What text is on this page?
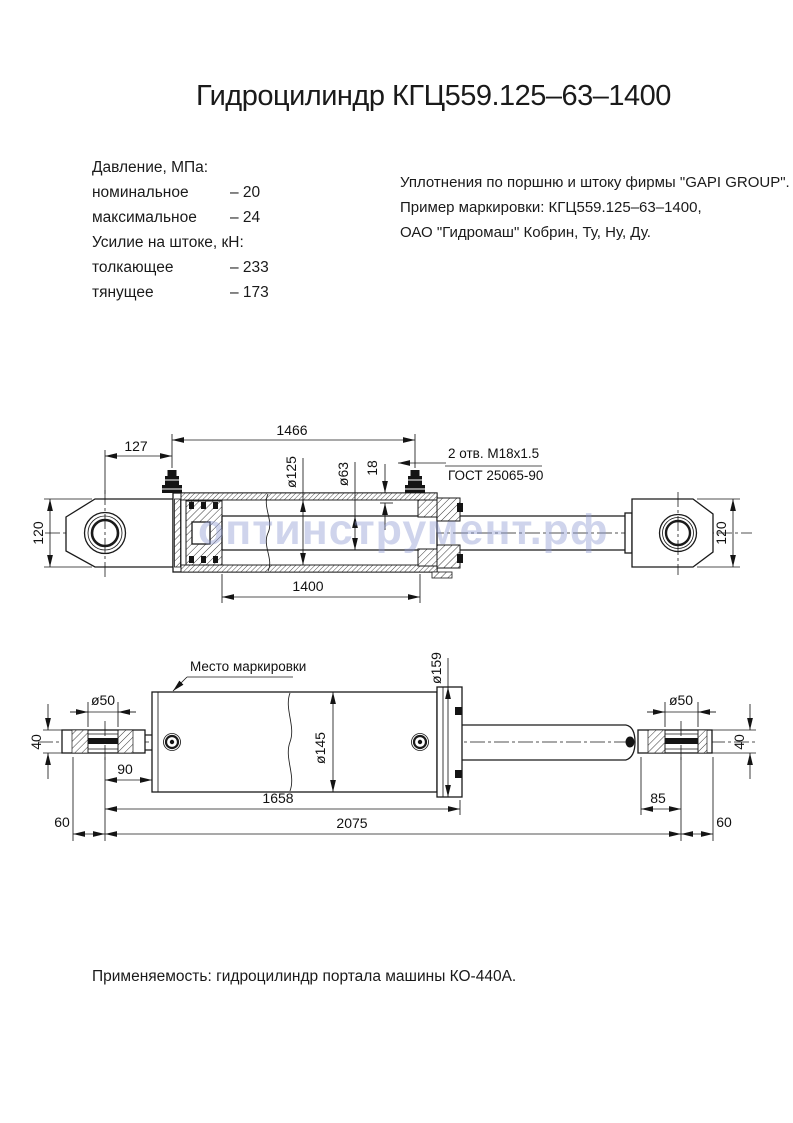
Гидроцилиндр КГЦ559.125–63–1400
Давление, МПа:
номинальное	– 20
максимальное – 24
Усилие на штоке, кН:
толкающее	– 233
тянущее	– 173
Уплотнения по поршню и штоку фирмы "GAPI GROUP".
Пример маркировки: КГЦ559.125–63–1400,
ОАО "Гидромаш" Кобрин, Ту, Ну, Ду.
оптинструмент.рф
120
127
1466
ø125	ø63 18
2 отв. М18х1.5
ГОСТ 25065-90
1400
120
Место маркировки
ø145
ø159
ø50	ø50
40	40
90
1658	85
2075
60	60
Применяемость: гидроцилиндр портала машины КО-440А.
